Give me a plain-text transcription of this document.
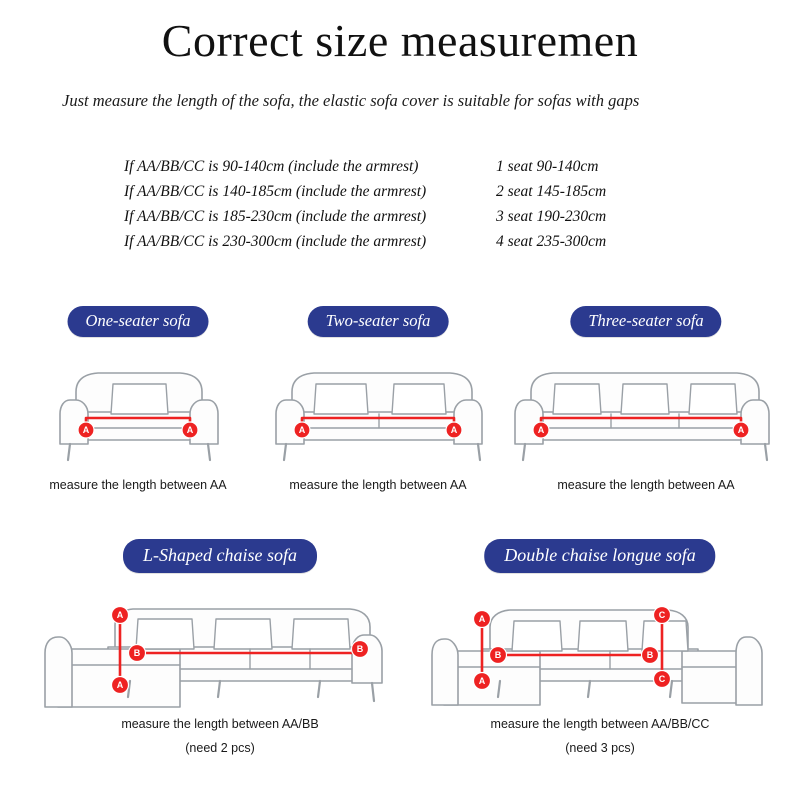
Correct size measuremen
Just measure the length of the sofa, the elastic sofa cover is suitable for sofas with gaps
If AA/BB/CC is 90-140cm (include the armrest)	1 seat 90-140cm
If AA/BB/CC is 140-185cm (include the armrest)	2 seat 145-185cm
If AA/BB/CC is 185-230cm (include the armrest)	3 seat 190-230cm
If AA/BB/CC is 230-300cm (include the armrest)	4 seat 235-300cm
One-seater sofa
A	A
measure the length between AA
Two-seater sofa
A	A
measure the length between AA
Three-seater sofa
A	A
measure the length between AA
L-Shaped chaise sofa
A
A
B	B
measure the length between AA/BB
(need 2 pcs)
Double chaise longue sofa
A
A
B	B
C
C
measure the length between AA/BB/CC
(need 3 pcs)
